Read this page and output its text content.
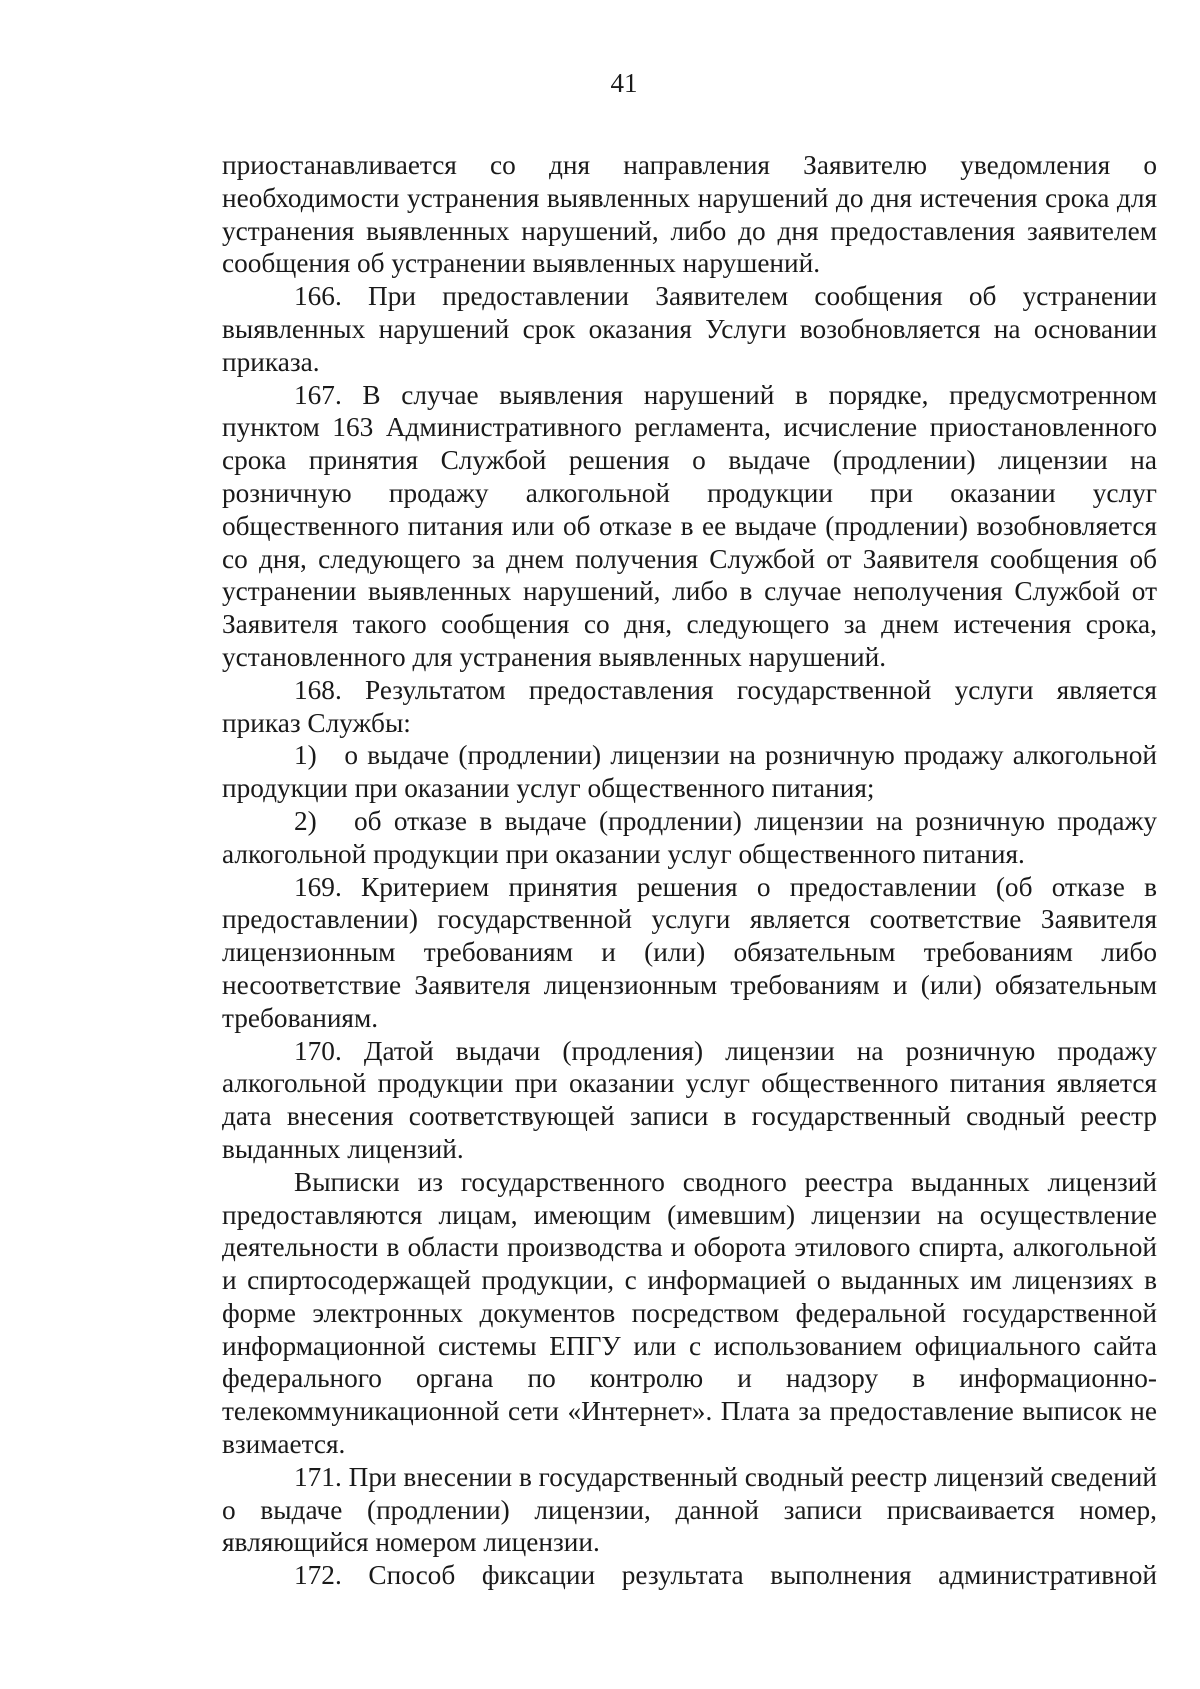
41

приостанавливается со дня направления Заявителю уведомления о необходимости устранения выявленных нарушений до дня истечения срока для устранения выявленных нарушений, либо до дня предоставления заявителем сообщения об устранении выявленных нарушений.

166. При предоставлении Заявителем сообщения об устранении выявленных нарушений срок оказания Услуги возобновляется на основании приказа.

167. В случае выявления нарушений в порядке, предусмотренном пунктом 163 Административного регламента, исчисление приостановленного срока принятия Службой решения о выдаче (продлении) лицензии на розничную продажу алкогольной продукции при оказании услуг общественного питания или об отказе в ее выдаче (продлении) возобновляется со дня, следующего за днем получения Службой от Заявителя сообщения об устранении выявленных нарушений, либо в случае неполучения Службой от Заявителя такого сообщения со дня, следующего за днем истечения срока, установленного для устранения выявленных нарушений.

168. Результатом предоставления государственной услуги является приказ Службы:

1)   о выдаче (продлении) лицензии на розничную продажу алкогольной продукции при оказании услуг общественного питания;

2)   об отказе в выдаче (продлении) лицензии на розничную продажу алкогольной продукции при оказании услуг общественного питания.

169. Критерием принятия решения о предоставлении (об отказе в предоставлении) государственной услуги является соответствие Заявителя лицензионным требованиям и (или) обязательным требованиям либо несоответствие Заявителя лицензионным требованиям и (или) обязательным требованиям.

170. Датой выдачи (продления) лицензии на розничную продажу алкогольной продукции при оказании услуг общественного питания является дата внесения соответствующей записи в государственный сводный реестр выданных лицензий.

Выписки из государственного сводного реестра выданных лицензий предоставляются лицам, имеющим (имевшим) лицензии на осуществление деятельности в области производства и оборота этилового спирта, алкогольной и спиртосодержащей продукции, с информацией о выданных им лицензиях в форме электронных документов посредством федеральной государственной информационной системы ЕПГУ или с использованием официального сайта федерального органа по контролю и надзору в информационно-телекоммуникационной сети «Интернет». Плата за предоставление выписок не взимается.

171. При внесении в государственный сводный реестр лицензий сведений о выдаче (продлении) лицензии, данной записи присваивается номер, являющийся номером лицензии.

172. Способ фиксации результата выполнения административной
